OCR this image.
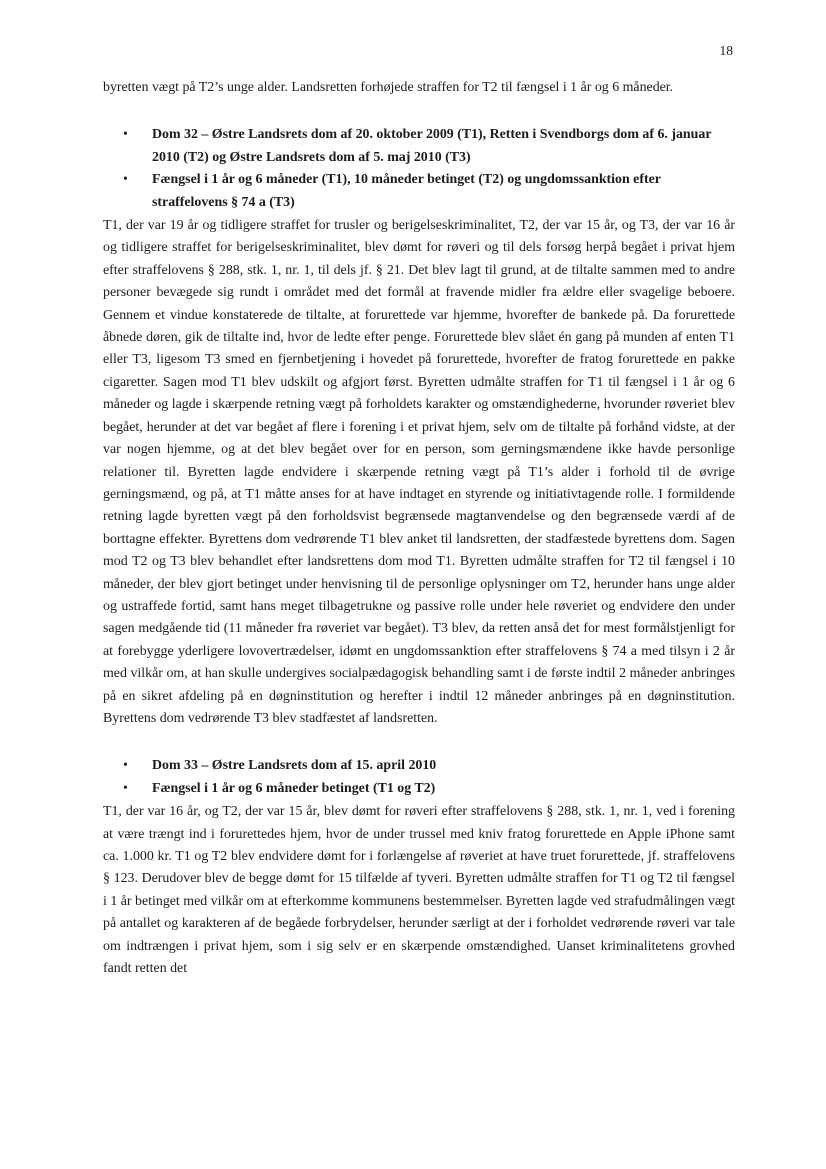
18

byretten vægt på T2’s unge alder. Landsretten forhøjede straffen for T2 til fængsel i 1 år og 6 måneder.

• Dom 32 – Østre Landsrets dom af 20. oktober 2009 (T1), Retten i Svendborgs dom af 6. januar 2010 (T2) og Østre Landsrets dom af 5. maj 2010 (T3)
• Fængsel i 1 år og 6 måneder (T1), 10 måneder betinget (T2) og ungdomssanktion efter straffelovens § 74 a (T3)

T1, der var 19 år og tidligere straffet for trusler og berigelseskriminalitet, T2, der var 15 år, og T3, der var 16 år og tidligere straffet for berigelseskriminalitet, blev dømt for røveri og til dels forsøg herpå begået i privat hjem efter straffelovens § 288, stk. 1, nr. 1, til dels jf. § 21. Det blev lagt til grund, at de tiltalte sammen med to andre personer bevægede sig rundt i området med det formål at fravende midler fra ældre eller svagelige beboere. Gennem et vindue konstaterede de tiltalte, at forurettede var hjemme, hvorefter de bankede på. Da forurettede åbnede døren, gik de tiltalte ind, hvor de ledte efter penge. Forurettede blev slået én gang på munden af enten T1 eller T3, ligesom T3 smed en fjernbetjening i hovedet på forurettede, hvorefter de fratog forurettede en pakke cigaretter. Sagen mod T1 blev udskilt og afgjort først. Byretten udmålte straffen for T1 til fængsel i 1 år og 6 måneder og lagde i skærpende retning vægt på forholdets karakter og omstændighederne, hvorunder røveriet blev begået, herunder at det var begået af flere i forening i et privat hjem, selv om de tiltalte på forhånd vidste, at der var nogen hjemme, og at det blev begået over for en person, som gerningsmændene ikke havde personlige relationer til. Byretten lagde endvidere i skærpende retning vægt på T1’s alder i forhold til de øvrige gerningsmænd, og på, at T1 måtte anses for at have indtaget en styrende og initiativtagende rolle. I formildende retning lagde byretten vægt på den forholdsvist begrænsede magtanvendelse og den begrænsede værdi af de borttagne effekter. Byrettens dom vedrørende T1 blev anket til landsretten, der stadfæstede byrettens dom. Sagen mod T2 og T3 blev behandlet efter landsrettens dom mod T1. Byretten udmålte straffen for T2 til fængsel i 10 måneder, der blev gjort betinget under henvisning til de personlige oplysninger om T2, herunder hans unge alder og ustraffede fortid, samt hans meget tilbagetrukne og passive rolle under hele røveriet og endvidere den under sagen medgående tid (11 måneder fra røveriet var begået). T3 blev, da retten anså det for mest formålstjenligt for at forebygge yderligere lovovertrædelser, idømt en ungdomssanktion efter straffelovens § 74 a med tilsyn i 2 år med vilkår om, at han skulle undergives socialpædagogisk behandling samt i de første indtil 2 måneder anbringes på en sikret afdeling på en døgninstitution og herefter i indtil 12 måneder anbringes på en døgninstitution. Byrettens dom vedrørende T3 blev stadfæstet af landsretten.

• Dom 33 – Østre Landsrets dom af 15. april 2010
• Fængsel i 1 år og 6 måneder betinget (T1 og T2)

T1, der var 16 år, og T2, der var 15 år, blev dømt for røveri efter straffelovens § 288, stk. 1, nr. 1, ved i forening at være trængt ind i forurettedes hjem, hvor de under trussel med kniv fratog forurettede en Apple iPhone samt ca. 1.000 kr. T1 og T2 blev endvidere dømt for i forlængelse af røveriet at have truet forurettede, jf. straffelovens § 123. Derudover blev de begge dømt for 15 tilfælde af tyveri. Byretten udmålte straffen for T1 og T2 til fængsel i 1 år betinget med vilkår om at efterkomme kommunens bestemmelser. Byretten lagde ved strafudmålingen vægt på antallet og karakteren af de begåede forbrydelser, herunder særligt at der i forholdet vedrørende røveri var tale om indtrængen i privat hjem, som i sig selv er en skærpende omstændighed. Uanset kriminalitetens grovhed fandt retten det
